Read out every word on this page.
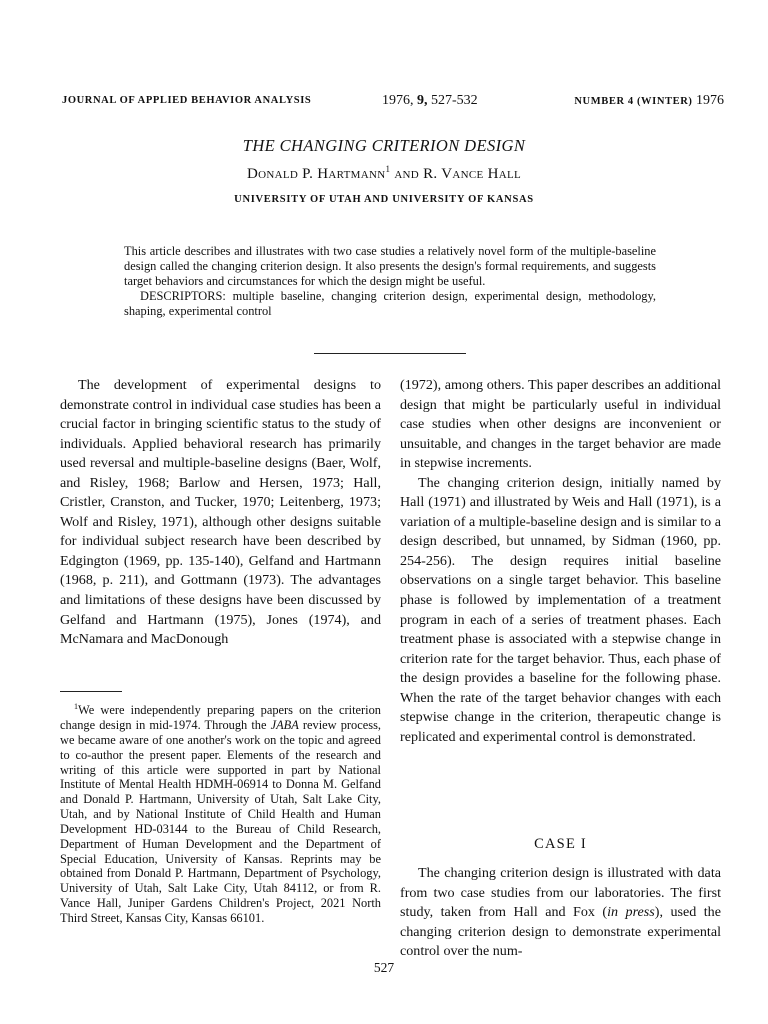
JOURNAL OF APPLIED BEHAVIOR ANALYSIS	1976, 9, 527-532	NUMBER 4 (WINTER) 1976
THE CHANGING CRITERION DESIGN
Donald P. Hartmann$^1$ and R. Vance Hall
UNIVERSITY OF UTAH AND UNIVERSITY OF KANSAS

This article describes and illustrates with two case studies a relatively novel form of the multiple-baseline design called the changing criterion design. It also presents the design's formal requirements, and suggests target behaviors and circumstances for which the design might be useful.

DESCRIPTORS: multiple baseline, changing criterion design, experimental design, methodology, shaping, experimental control

The development of experimental designs to demonstrate control in individual case studies has been a crucial factor in bringing scientific status to the study of individuals. Applied behavioral research has primarily used reversal and multiple-baseline designs (Baer, Wolf, and Risley, 1968; Barlow and Hersen, 1973; Hall, Cristler, Cranston, and Tucker, 1970; Leitenberg, 1973; Wolf and Risley, 1971), although other designs suitable for individual subject research have been described by Edgington (1969, pp. 135-140), Gelfand and Hartmann (1968, p. 211), and Gottmann (1973). The advantages and limitations of these designs have been discussed by Gelfand and Hartmann (1975), Jones (1974), and McNamara and MacDonough

$^1$We were independently preparing papers on the criterion change design in mid-1974. Through the JABA review process, we became aware of one another's work on the topic and agreed to co-author the present paper. Elements of the research and writing of this article were supported in part by National Institute of Mental Health HDMH-06914 to Donna M. Gelfand and Donald P. Hartmann, University of Utah, Salt Lake City, Utah, and by National Institute of Child Health and Human Development HD-03144 to the Bureau of Child Research, Department of Human Development and the Department of Special Education, University of Kansas. Reprints may be obtained from Donald P. Hartmann, Department of Psychology, University of Utah, Salt Lake City, Utah 84112, or from R. Vance Hall, Juniper Gardens Children's Project, 2021 North Third Street, Kansas City, Kansas 66101.

(1972), among others. This paper describes an additional design that might be particularly useful in individual case studies when other designs are inconvenient or unsuitable, and changes in the target behavior are made in stepwise increments.

The changing criterion design, initially named by Hall (1971) and illustrated by Weis and Hall (1971), is a variation of a multiple-baseline design and is similar to a design described, but unnamed, by Sidman (1960, pp. 254-256). The design requires initial baseline observations on a single target behavior. This baseline phase is followed by implementation of a treatment program in each of a series of treatment phases. Each treatment phase is associated with a stepwise change in criterion rate for the target behavior. Thus, each phase of the design provides a baseline for the following phase. When the rate of the target behavior changes with each stepwise change in the criterion, therapeutic change is replicated and experimental control is demonstrated.

CASE I

The changing criterion design is illustrated with data from two case studies from our laboratories. The first study, taken from Hall and Fox (in press), used the changing criterion design to demonstrate experimental control over the num-

527
